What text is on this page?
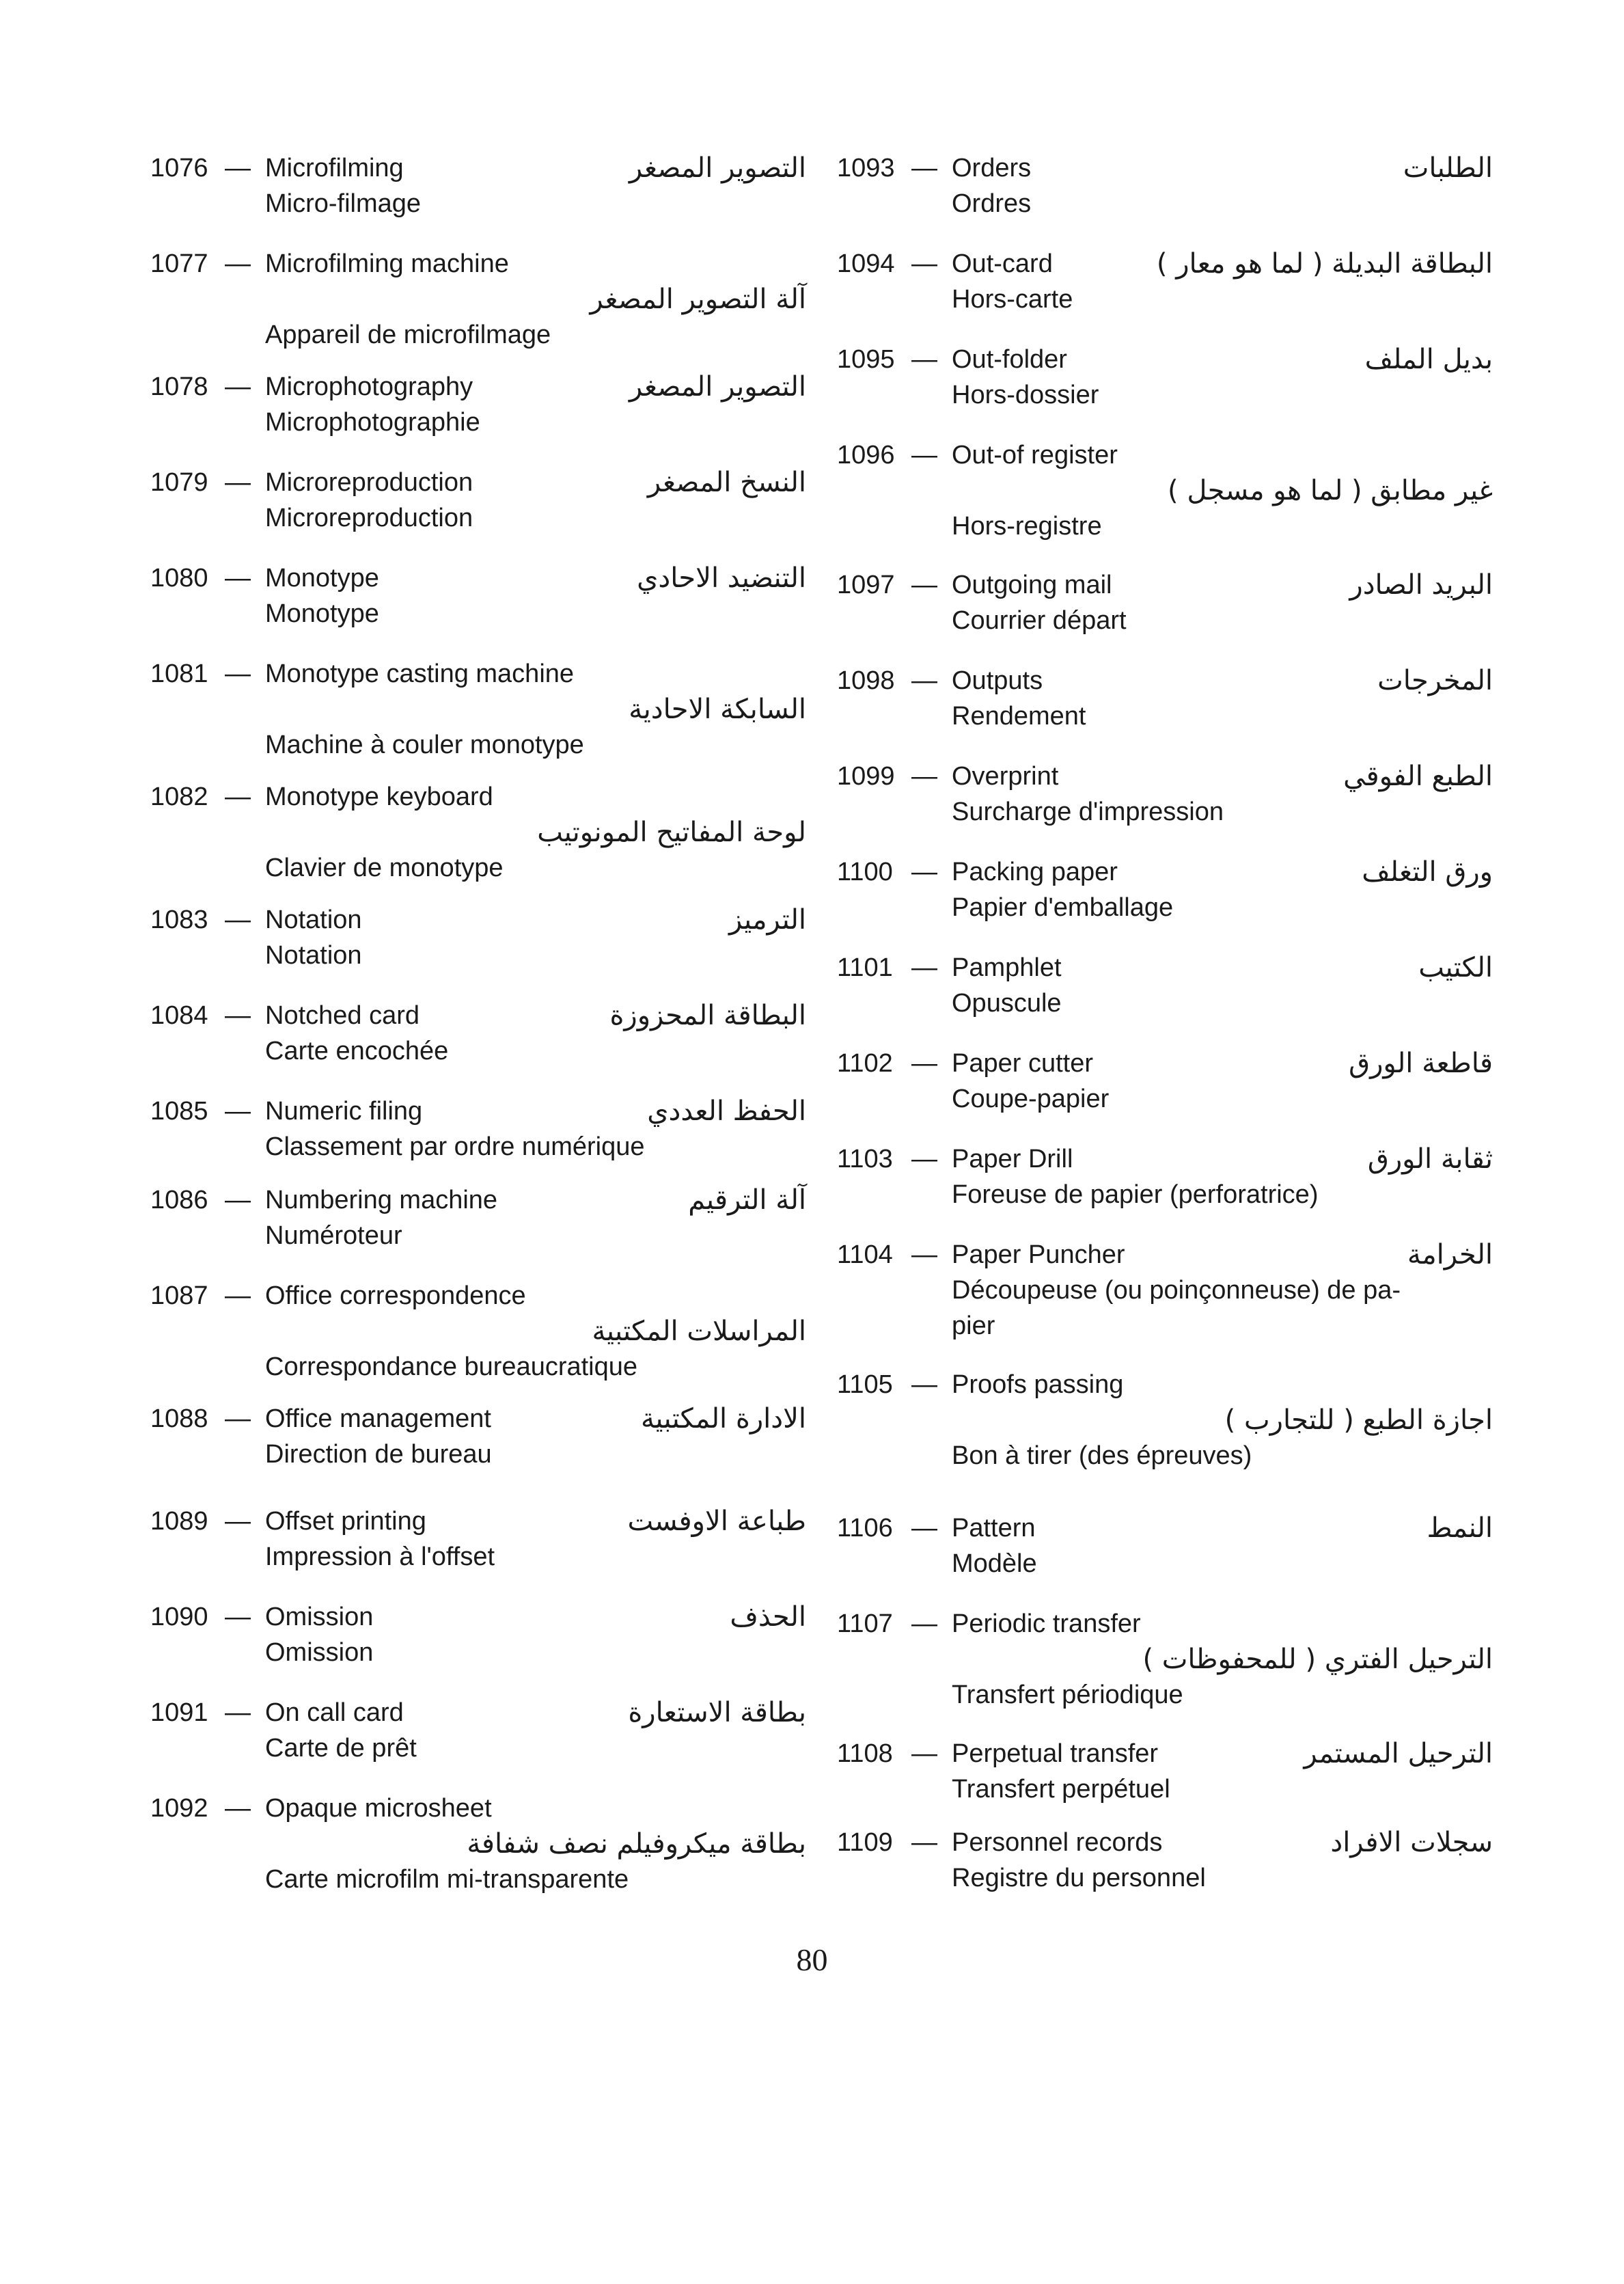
1076 — Microfilming	التصوير المصغر
Micro-filmage
1077 — Microfilming machine
آلة التصوير المصغر
Appareil de microfilmage
1078 — Microphotography	التصوير المصغر
Microphotographie
1079 — Microreproduction	النسخ المصغر
Microreproduction
1080 — Monotype	التنضيد الاحادي
Monotype
1081 — Monotype casting machine
السابكة الاحادية
Machine à couler monotype
1082 — Monotype keyboard
لوحة المفاتيح المونوتيب
Clavier de monotype
1083 — Notation	الترميز
Notation
1084 — Notched card	البطاقة المحزوزة
Carte encochée
1085 — Numeric filing	الحفظ العددي
Classement par ordre numérique
1086 — Numbering machine	آلة الترقيم
Numéroteur
1087 — Office correspondence
المراسلات المكتبية
Correspondance bureaucratique
1088 — Office management	الادارة المكتبية
Direction de bureau
1089 — Offset printing	طباعة الاوفست
Impression à l'offset
1090 — Omission	الحذف
Omission
1091 — On call card	بطاقة الاستعارة
Carte de prêt
1092 — Opaque microsheet
بطاقة ميكروفيلم نصف شفافة
Carte microfilm mi-transparente
1093 — Orders	الطلبات
Ordres
1094 — Out-card	البطاقة البديلة ( لما هو معار )
Hors-carte
1095 — Out-folder	بديل الملف
Hors-dossier
1096 — Out-of register
غير مطابق ( لما هو مسجل )
Hors-registre
1097 — Outgoing mail	البريد الصادر
Courrier départ
1098 — Outputs	المخرجات
Rendement
1099 — Overprint	الطبع الفوقي
Surcharge d'impression
1100 — Packing paper	ورق التغلف
Papier d'emballage
1101 — Pamphlet	الكتيب
Opuscule
1102 — Paper cutter	قاطعة الورق
Coupe-papier
1103 — Paper Drill	ثقابة الورق
Foreuse de papier (perforatrice)
1104 — Paper Puncher	الخرامة
Découpeuse (ou poinçonneuse) de pa-
pier
1105 — Proofs passing
اجازة الطبع ( للتجارب )
Bon à tirer (des épreuves)
1106 — Pattern	النمط
Modèle
1107 — Periodic transfer
الترحيل الفتري ( للمحفوظات )
Transfert périodique
1108 — Perpetual transfer	الترحيل المستمر
Transfert perpétuel
1109 — Personnel records	سجلات الافراد
Registre du personnel
80
